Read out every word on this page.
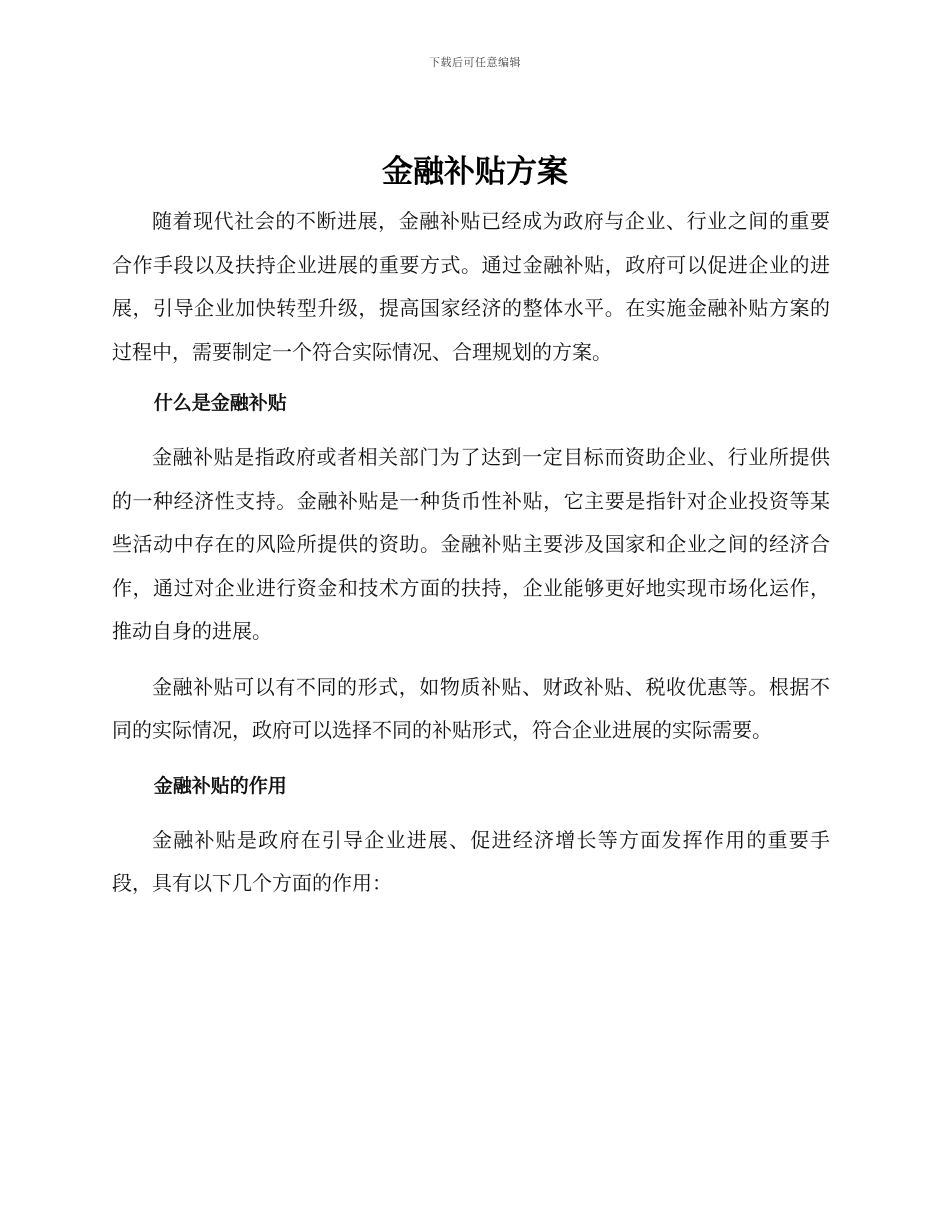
下载后可任意编辑
金融补贴方案

随着现代社会的不断进展，金融补贴已经成为政府与企业、行业之间的重要合作手段以及扶持企业进展的重要方式。通过金融补贴，政府可以促进企业的进展，引导企业加快转型升级，提高国家经济的整体水平。在实施金融补贴方案的过程中，需要制定一个符合实际情况、合理规划的方案。

什么是金融补贴

金融补贴是指政府或者相关部门为了达到一定目标而资助企业、行业所提供的一种经济性支持。金融补贴是一种货币性补贴，它主要是指针对企业投资等某些活动中存在的风险所提供的资助。金融补贴主要涉及国家和企业之间的经济合作，通过对企业进行资金和技术方面的扶持，企业能够更好地实现市场化运作，推动自身的进展。

金融补贴可以有不同的形式，如物质补贴、财政补贴、税收优惠等。根据不同的实际情况，政府可以选择不同的补贴形式，符合企业进展的实际需要。

金融补贴的作用

金融补贴是政府在引导企业进展、促进经济增长等方面发挥作用的重要手段，具有以下几个方面的作用：
